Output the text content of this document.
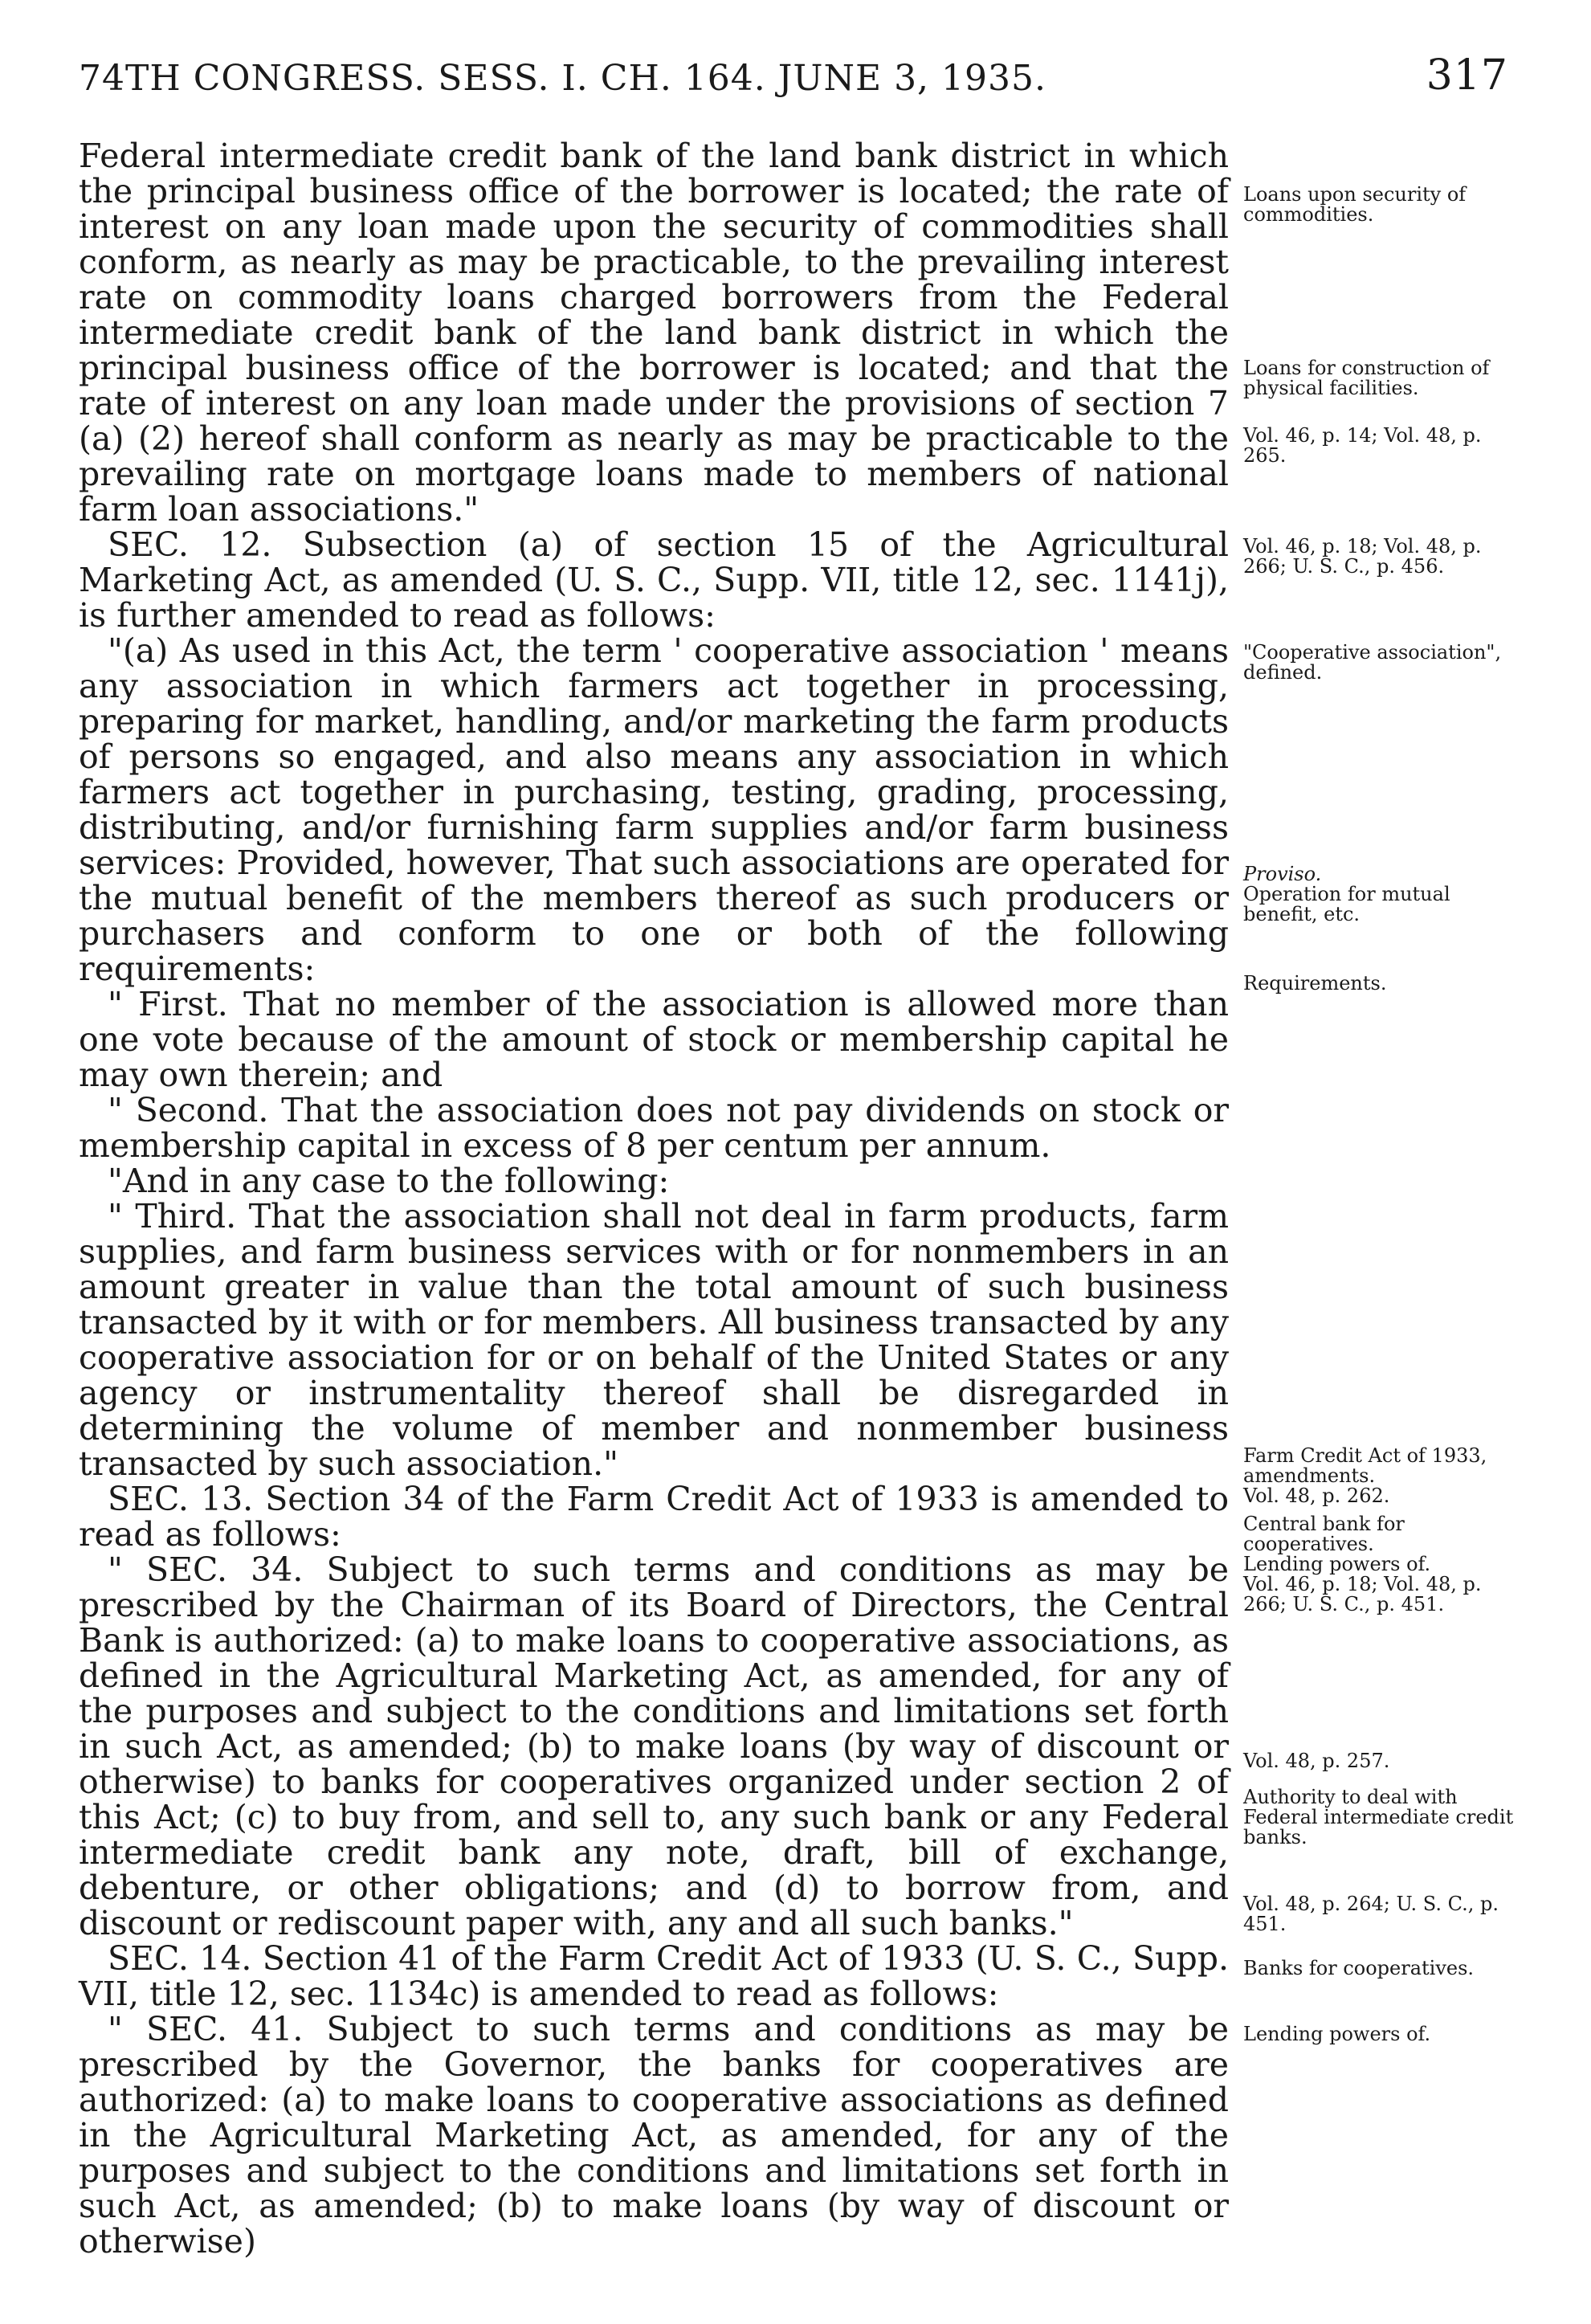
74TH CONGRESS. SESS. I. CH. 164. JUNE 3, 1935.	317

Federal intermediate credit bank of the land bank district in which the principal business office of the borrower is located; the rate of interest on any loan made upon the security of commodities shall conform, as nearly as may be practicable, to the prevailing interest rate on commodity loans charged borrowers from the Federal intermediate credit bank of the land bank district in which the principal business office of the borrower is located; and that the rate of interest on any loan made under the provisions of section 7 (a) (2) hereof shall conform as nearly as may be practicable to the prevailing rate on mortgage loans made to members of national farm loan associations."

SEC. 12. Subsection (a) of section 15 of the Agricultural Marketing Act, as amended (U. S. C., Supp. VII, title 12, sec. 1141j), is further amended to read as follows:

"(a) As used in this Act, the term ' cooperative association ' means any association in which farmers act together in processing, preparing for market, handling, and/or marketing the farm products of persons so engaged, and also means any association in which farmers act together in purchasing, testing, grading, processing, distributing, and/or furnishing farm supplies and/or farm business services: Provided, however, That such associations are operated for the mutual benefit of the members thereof as such producers or purchasers and conform to one or both of the following requirements:

" First. That no member of the association is allowed more than one vote because of the amount of stock or membership capital he may own therein; and

" Second. That the association does not pay dividends on stock or membership capital in excess of 8 per centum per annum.

"And in any case to the following:

" Third. That the association shall not deal in farm products, farm supplies, and farm business services with or for nonmembers in an amount greater in value than the total amount of such business transacted by it with or for members. All business transacted by any cooperative association for or on behalf of the United States or any agency or instrumentality thereof shall be disregarded in determining the volume of member and nonmember business transacted by such association."

SEC. 13. Section 34 of the Farm Credit Act of 1933 is amended to read as follows:

" SEC. 34. Subject to such terms and conditions as may be prescribed by the Chairman of its Board of Directors, the Central Bank is authorized: (a) to make loans to cooperative associations, as defined in the Agricultural Marketing Act, as amended, for any of the purposes and subject to the conditions and limitations set forth in such Act, as amended; (b) to make loans (by way of discount or otherwise) to banks for cooperatives organized under section 2 of this Act; (c) to buy from, and sell to, any such bank or any Federal intermediate credit bank any note, draft, bill of exchange, debenture, or other obligations; and (d) to borrow from, and discount or rediscount paper with, any and all such banks."

SEC. 14. Section 41 of the Farm Credit Act of 1933 (U. S. C., Supp. VII, title 12, sec. 1134c) is amended to read as follows:

" SEC. 41. Subject to such terms and conditions as may be prescribed by the Governor, the banks for cooperatives are authorized: (a) to make loans to cooperative associations as defined in the Agricultural Marketing Act, as amended, for any of the purposes and subject to the conditions and limitations set forth in such Act, as amended; (b) to make loans (by way of discount or otherwise)

Loans upon security of commodities.
Loans for construction of physical facilities.
Vol. 46, p. 14; Vol. 48, p. 265.
Vol. 46, p. 18; Vol. 48, p. 266; U. S. C., p. 456.
"Cooperative association", defined.
Proviso.
Operation for mutual benefit, etc.
Requirements.
Farm Credit Act of 1933, amendments.
Vol. 48, p. 262.
Central bank for cooperatives.
Lending powers of.
Vol. 46, p. 18; Vol. 48, p. 266; U. S. C., p. 451.
Vol. 48, p. 257.
Authority to deal with Federal intermediate credit banks.
Vol. 48, p. 264; U. S. C., p. 451.
Banks for cooperatives.
Lending powers of.
